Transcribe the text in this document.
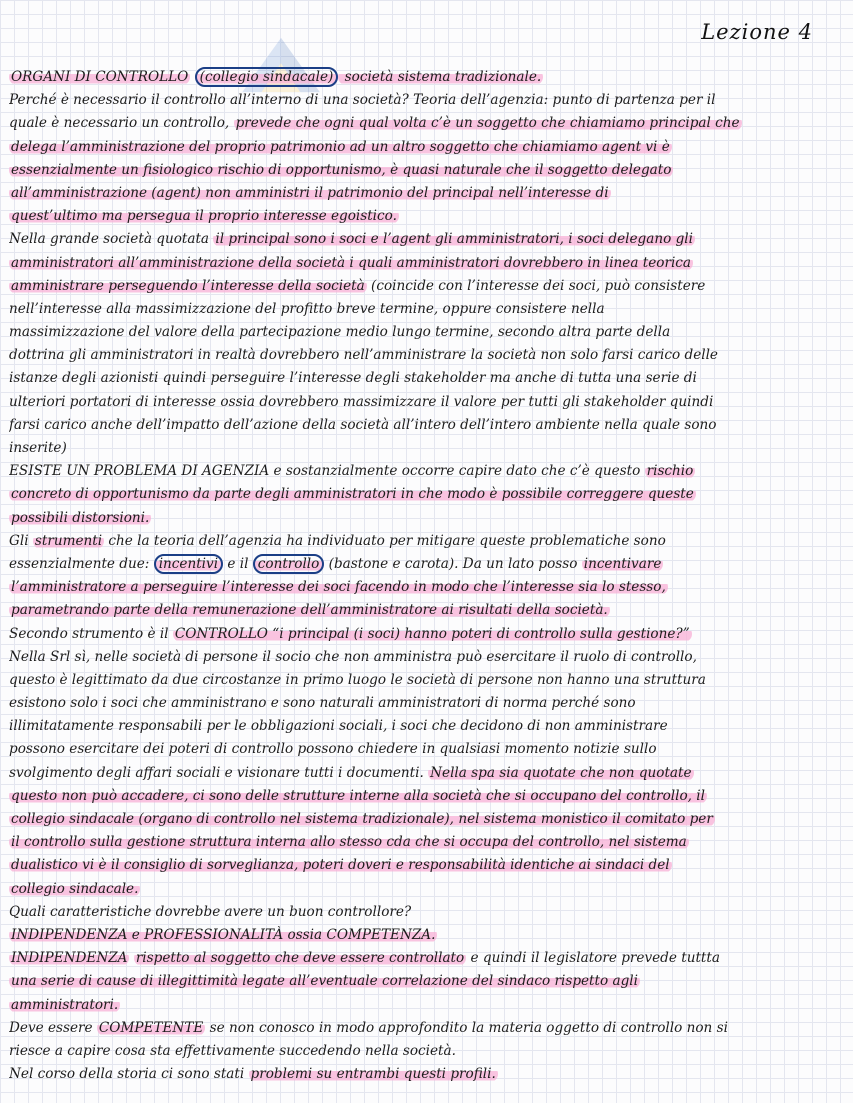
Lezione 4
ORGANI DI CONTROLLO (collegio sindacale) società sistema tradizionale.
Perché è necessario il controllo all’interno di una società? Teoria dell’agenzia: punto di partenza per il
quale è necessario un controllo, prevede che ogni qual volta c’è un soggetto che chiamiamo principal che
delega l’amministrazione del proprio patrimonio ad un altro soggetto che chiamiamo agent vi è
essenzialmente un fisiologico rischio di opportunismo, è quasi naturale che il soggetto delegato
all’amministrazione (agent) non amministri il patrimonio del principal nell’interesse di
quest’ultimo ma persegua il proprio interesse egoistico.
Nella grande società quotata il principal sono i soci e l’agent gli amministratori, i soci delegano gli
amministratori all’amministrazione della società i quali amministratori dovrebbero in linea teorica
amministrare perseguendo l’interesse della società (coincide con l’interesse dei soci, può consistere
nell’interesse alla massimizzazione del profitto breve termine, oppure consistere nella
massimizzazione del valore della partecipazione medio lungo termine, secondo altra parte della
dottrina gli amministratori in realtà dovrebbero nell’amministrare la società non solo farsi carico delle
istanze degli azionisti quindi perseguire l’interesse degli stakeholder ma anche di tutta una serie di
ulteriori portatori di interesse ossia dovrebbero massimizzare il valore per tutti gli stakeholder quindi
farsi carico anche dell’impatto dell’azione della società all’intero dell’intero ambiente nella quale sono
inserite)
ESISTE UN PROBLEMA DI AGENZIA e sostanzialmente occorre capire dato che c’è questo rischio
concreto di opportunismo da parte degli amministratori in che modo è possibile correggere queste
possibili distorsioni.
Gli strumenti che la teoria dell’agenzia ha individuato per mitigare queste problematiche sono
essenzialmente due: incentivi e il controllo (bastone e carota). Da un lato posso incentivare
l’amministratore a perseguire l’interesse dei soci facendo in modo che l’interesse sia lo stesso,
parametrando parte della remunerazione dell’amministratore ai risultati della società.
Secondo strumento è il CONTROLLO “i principal (i soci) hanno poteri di controllo sulla gestione?”
Nella Srl sì, nelle società di persone il socio che non amministra può esercitare il ruolo di controllo,
questo è legittimato da due circostanze in primo luogo le società di persone non hanno una struttura
esistono solo i soci che amministrano e sono naturali amministratori di norma perché sono
illimitatamente responsabili per le obbligazioni sociali, i soci che decidono di non amministrare
possono esercitare dei poteri di controllo possono chiedere in qualsiasi momento notizie sullo
svolgimento degli affari sociali e visionare tutti i documenti. Nella spa sia quotate che non quotate
questo non può accadere, ci sono delle strutture interne alla società che si occupano del controllo, il
collegio sindacale (organo di controllo nel sistema tradizionale), nel sistema monistico il comitato per
il controllo sulla gestione struttura interna allo stesso cda che si occupa del controllo, nel sistema
dualistico vi è il consiglio di sorveglianza, poteri doveri e responsabilità identiche ai sindaci del
collegio sindacale.
Quali caratteristiche dovrebbe avere un buon controllore?
INDIPENDENZA e PROFESSIONALITÀ ossia COMPETENZA.
INDIPENDENZA rispetto al soggetto che deve essere controllato e quindi il legislatore prevede tuttta
una serie di cause di illegittimità legate all’eventuale correlazione del sindaco rispetto agli
amministratori.
Deve essere COMPETENTE se non conosco in modo approfondito la materia oggetto di controllo non si
riesce a capire cosa sta effettivamente succedendo nella società.
Nel corso della storia ci sono stati problemi su entrambi questi profili.
